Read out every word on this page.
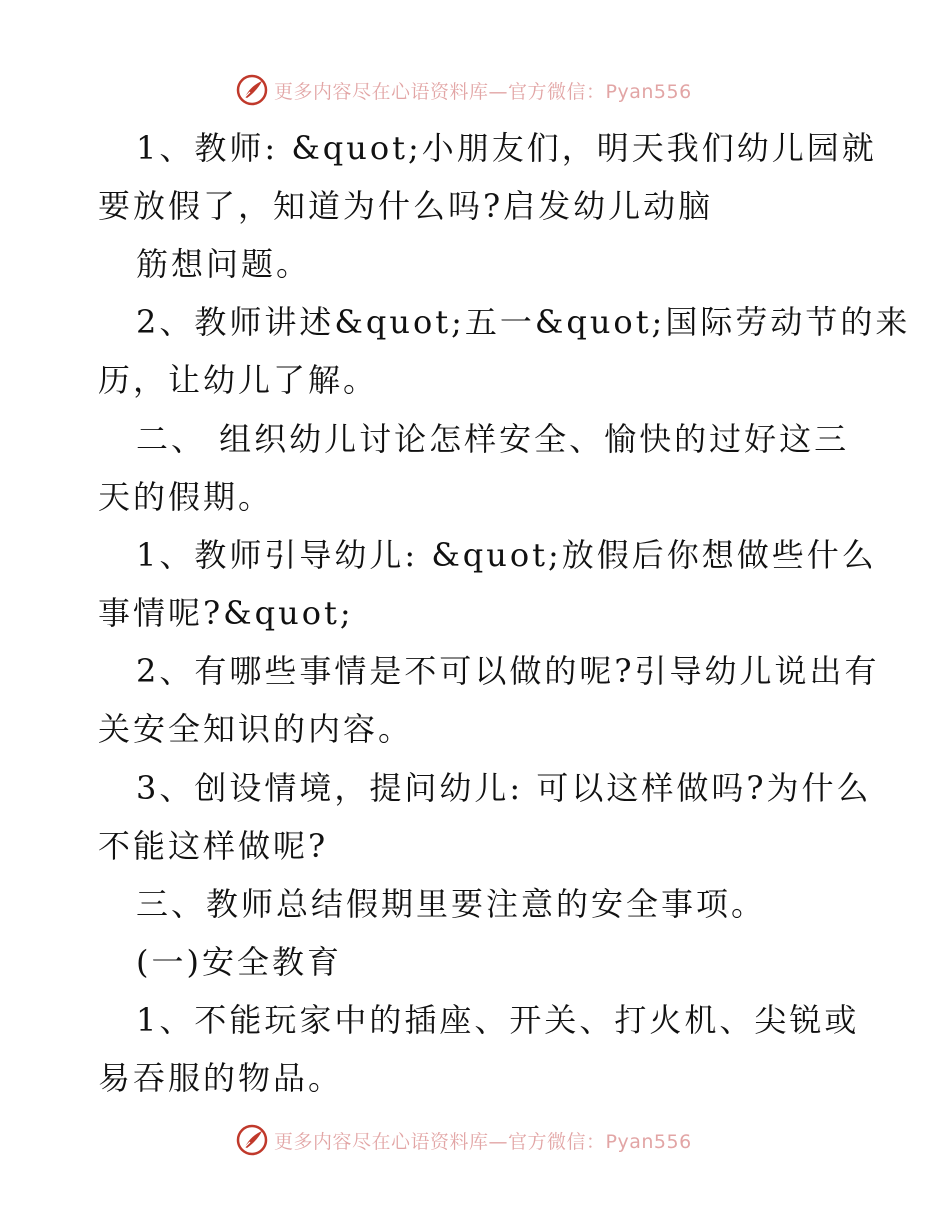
更多内容尽在心语资料库—官方微信：Pyan556
1、教师: &quot;小朋友们，明天我们幼儿园就
要放假了，知道为什么吗?启发幼儿动脑
筋想问题。
2、教师讲述&quot;五一&quot;国际劳动节的来
历，让幼儿了解。
二、 组织幼儿讨论怎样安全、愉快的过好这三
天的假期。
1、教师引导幼儿: &quot;放假后你想做些什么
事情呢?&quot;
2、有哪些事情是不可以做的呢?引导幼儿说出有
关安全知识的内容。
3、创设情境，提问幼儿: 可以这样做吗?为什么
不能这样做呢?
三、教师总结假期里要注意的安全事项。
(一)安全教育
1、不能玩家中的插座、开关、打火机、尖锐或
易吞服的物品。
更多内容尽在心语资料库—官方微信：Pyan556
